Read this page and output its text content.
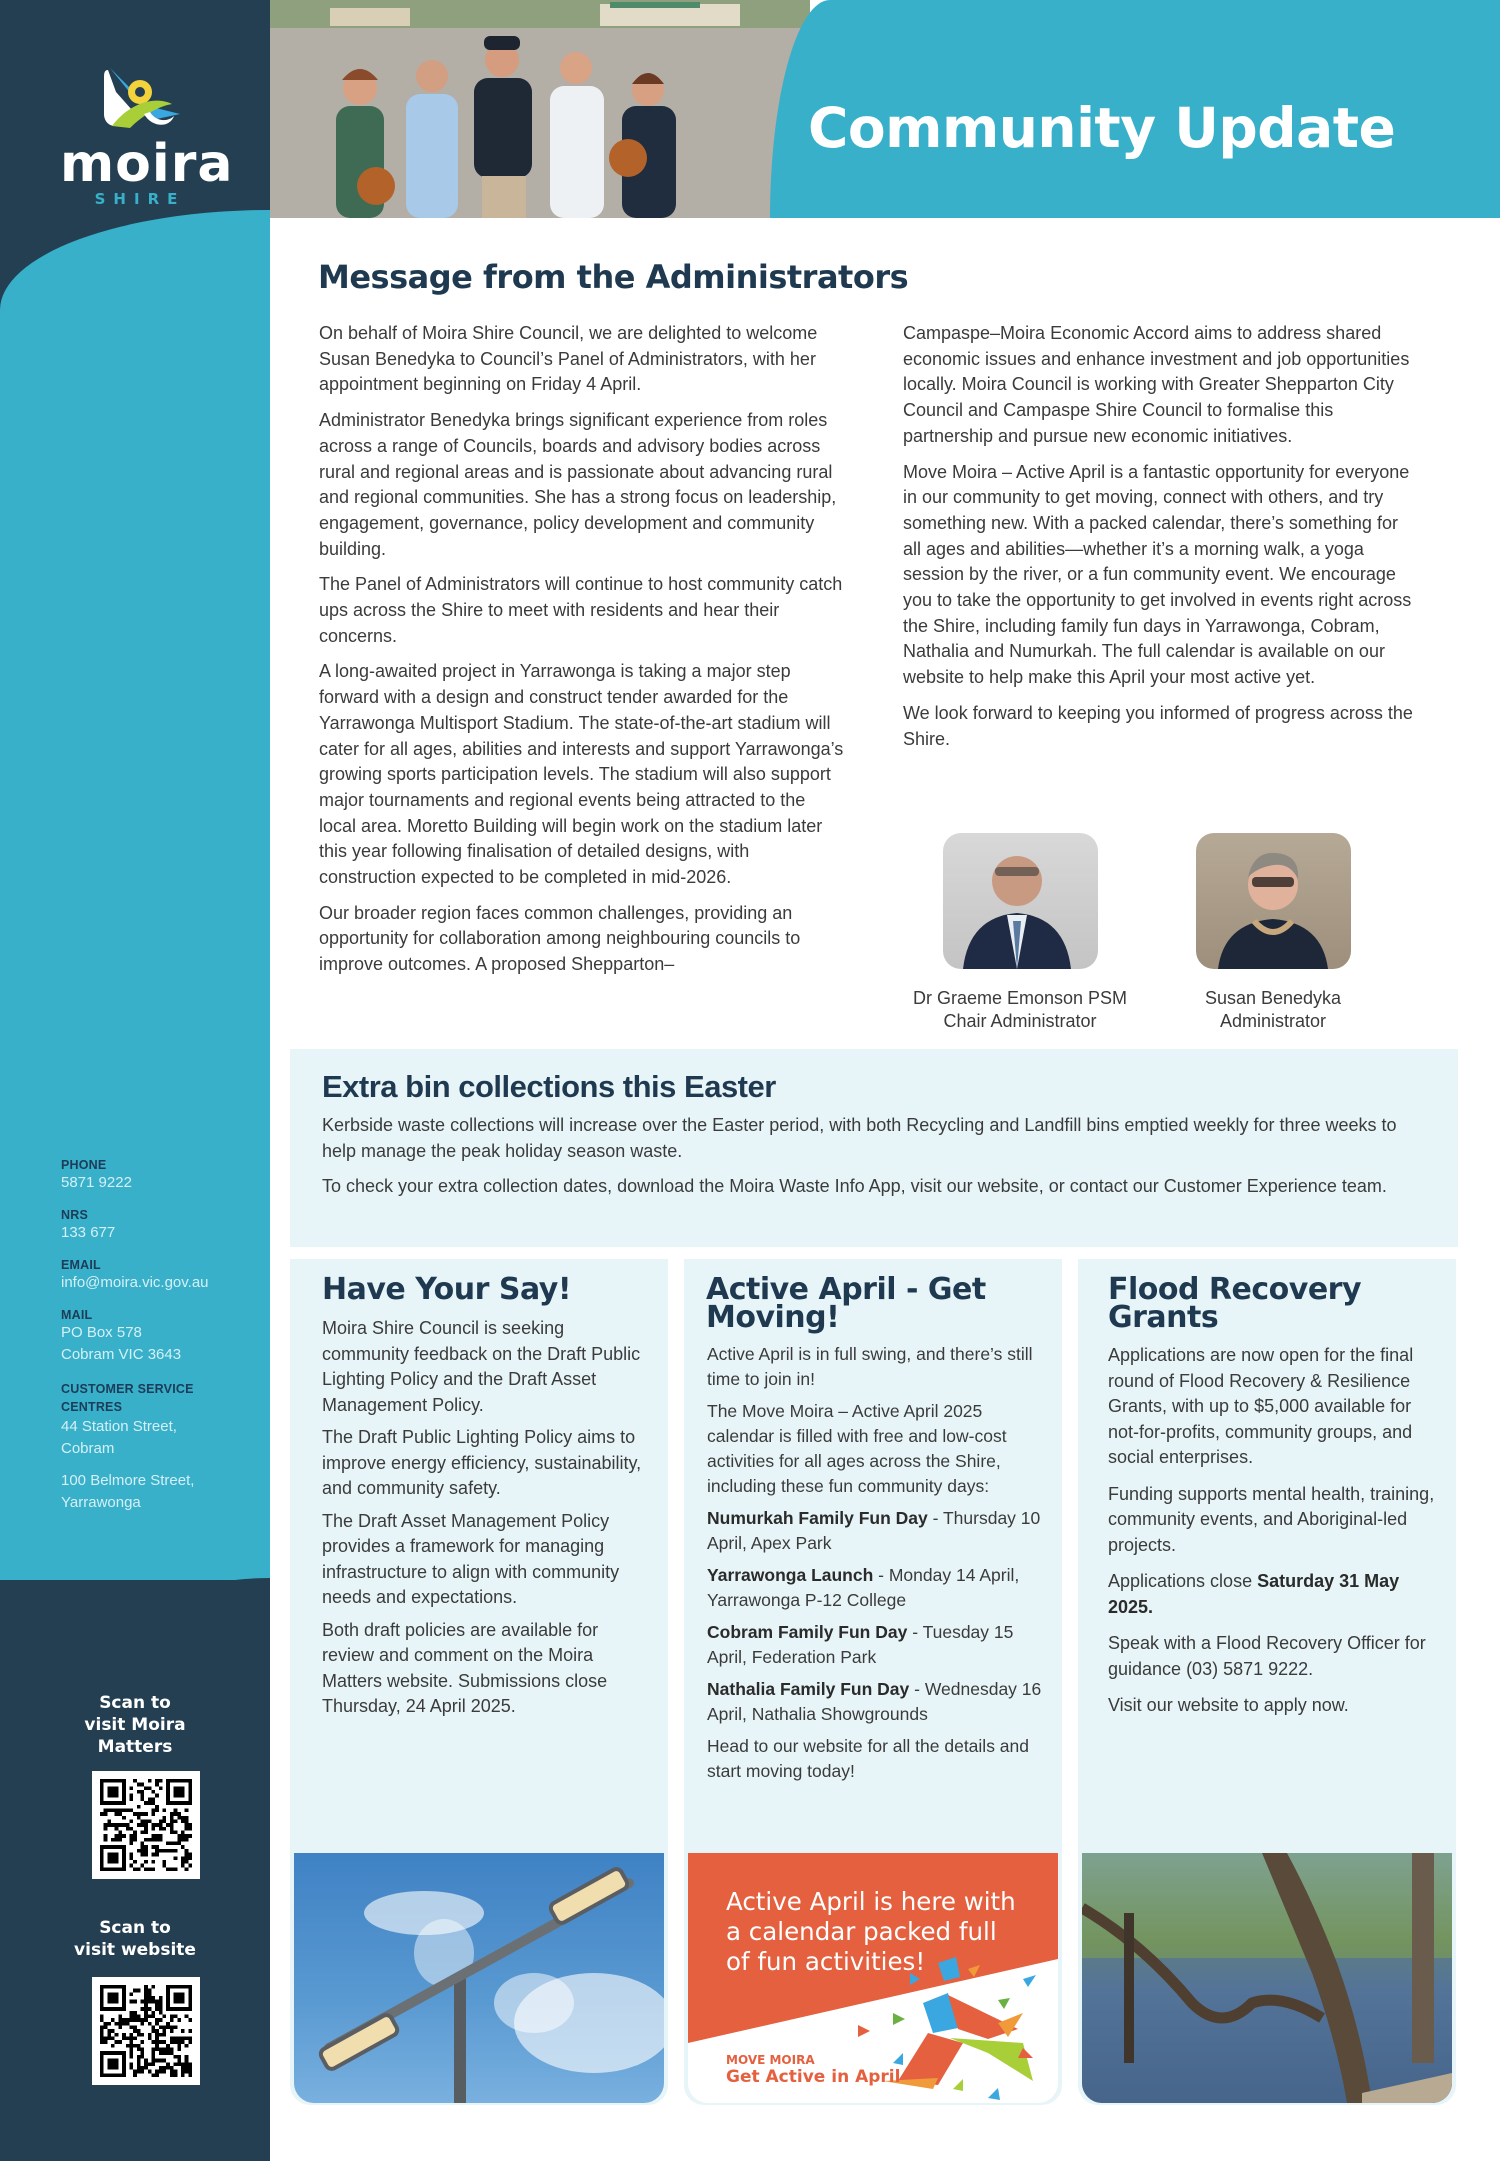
moira
SHIRE
PHONE
5871 9222
NRS
133 677
EMAIL
info@moira.vic.gov.au
MAIL
PO Box 578
Cobram VIC 3643
CUSTOMER SERVICE CENTRES
44 Station Street,
Cobram
100 Belmore Street,
Yarrawonga
Scan to
visit Moira
Matters
Scan to
visit website
Community Update
Message from the Administrators

On behalf of Moira Shire Council, we are delighted to welcome Susan Benedyka to Council’s Panel of Administrators, with her appointment beginning on Friday 4 April.

Administrator Benedyka brings significant experience from roles across a range of Councils, boards and advisory bodies across rural and regional areas and is passionate about advancing rural and regional communities. She has a strong focus on leadership, engagement, governance, policy development and community building.

The Panel of Administrators will continue to host community catch ups across the Shire to meet with residents and hear their concerns.

A long-awaited project in Yarrawonga is taking a major step forward with a design and construct tender awarded for the Yarrawonga Multisport Stadium. The state-of-the-art stadium will cater for all ages, abilities and interests and support Yarrawonga’s growing sports participation levels. The stadium will also support major tournaments and regional events being attracted to the local area. Moretto Building will begin work on the stadium later this year following finalisation of detailed designs, with construction expected to be completed in mid-2026.

Our broader region faces common challenges, providing an opportunity for collaboration among neighbouring councils to improve outcomes. A proposed Shepparton–

Campaspe–Moira Economic Accord aims to address shared economic issues and enhance investment and job opportunities locally. Moira Council is working with Greater Shepparton City Council and Campaspe Shire Council to formalise this partnership and pursue new economic initiatives.

Move Moira – Active April is a fantastic opportunity for everyone in our community to get moving, connect with others, and try something new. With a packed calendar, there’s something for all ages and abilities—whether it’s a morning walk, a yoga session by the river, or a fun community event. We encourage you to take the opportunity to get involved in events right across the Shire, including family fun days in Yarrawonga, Cobram, Nathalia and Numurkah. The full calendar is available on our website to help make this April your most active yet.

We look forward to keeping you informed of progress across the Shire.

Dr Graeme Emonson PSM
Chair Administrator
Susan Benedyka
Administrator
Extra bin collections this Easter

Kerbside waste collections will increase over the Easter period, with both Recycling and Landfill bins emptied weekly for three weeks to help manage the peak holiday season waste.

To check your extra collection dates, download the Moira Waste Info App, visit our website, or contact our Customer Experience team.

Have Your Say!

Moira Shire Council is seeking community feedback on the Draft Public Lighting Policy and the Draft Asset Management Policy.

The Draft Public Lighting Policy aims to improve energy efficiency, sustainability, and community safety.

The Draft Asset Management Policy provides a framework for managing infrastructure to align with community needs and expectations.

Both draft policies are available for review and comment on the Moira Matters website. Submissions close Thursday, 24 April 2025.

Active April - Get
Moving!

Active April is in full swing, and there’s still time to join in!

The Move Moira – Active April 2025 calendar is filled with free and low-cost activities for all ages across the Shire, including these fun community days:

Numurkah Family Fun Day - Thursday 10 April, Apex Park

Yarrawonga Launch - Monday 14 April, Yarrawonga P-12 College

Cobram Family Fun Day - Tuesday 15 April, Federation Park

Nathalia Family Fun Day - Wednesday 16 April, Nathalia Showgrounds

Head to our website for all the details and start moving today!

Active April is here with a calendar packed full of fun activities!
MOVE MOIRA
Get Active in April
Flood Recovery
Grants

Applications are now open for the final round of Flood Recovery & Resilience Grants, with up to $5,000 available for not-for-profits, community groups, and social enterprises.

Funding supports mental health, training, community events, and Aboriginal-led projects.

Applications close Saturday 31 May 2025.

Speak with a Flood Recovery Officer for guidance (03) 5871 9222.

Visit our website to apply now.
